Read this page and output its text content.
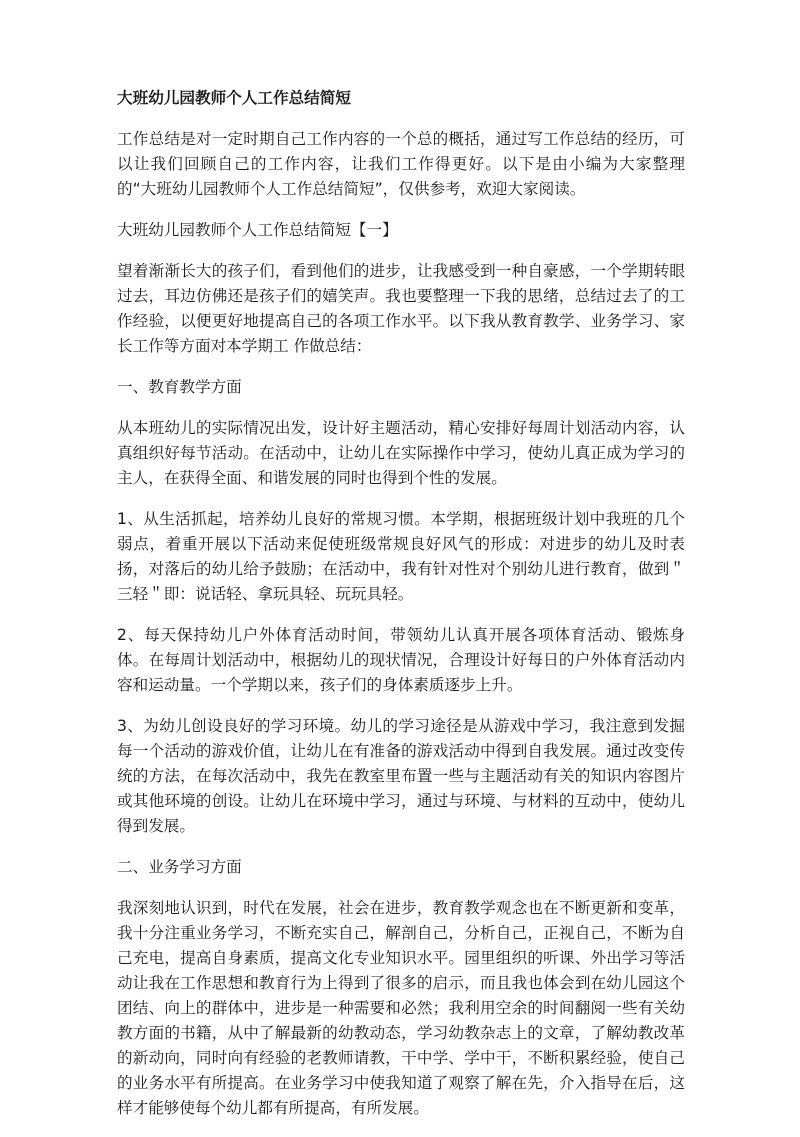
大班幼儿园教师个人工作总结简短

工作总结是对一定时期自己工作内容的一个总的概括，通过写工作总结的经历，可以让我们回顾自己的工作内容，让我们工作得更好。以下是由小编为大家整理的“大班幼儿园教师个人工作总结简短”，仅供参考，欢迎大家阅读。

大班幼儿园教师个人工作总结简短【一】

望着渐渐长大的孩子们，看到他们的进步，让我感受到一种自豪感，一个学期转眼过去，耳边仿佛还是孩子们的嬉笑声。我也要整理一下我的思绪，总结过去了的工作经验，以便更好地提高自己的各项工作水平。以下我从教育教学、业务学习、家长工作等方面对本学期工 作做总结：

一、教育教学方面

从本班幼儿的实际情况出发，设计好主题活动，精心安排好每周计划活动内容，认真组织好每节活动。在活动中，让幼儿在实际操作中学习，使幼儿真正成为学习的主人，在获得全面、和谐发展的同时也得到个性的发展。

1、从生活抓起，培养幼儿良好的常规习惯。本学期，根据班级计划中我班的几个弱点，着重开展以下活动来促使班级常规良好风气的形成：对进步的幼儿及时表扬，对落后的幼儿给予鼓励；在活动中，我有针对性对个别幼儿进行教育，做到＂三轻＂即：说话轻、拿玩具轻、玩玩具轻。

2、每天保持幼儿户外体育活动时间，带领幼儿认真开展各项体育活动、锻炼身体。在每周计划活动中，根据幼儿的现状情况，合理设计好每日的户外体育活动内容和运动量。一个学期以来，孩子们的身体素质逐步上升。

3、为幼儿创设良好的学习环境。幼儿的学习途径是从游戏中学习，我注意到发掘每一个活动的游戏价值，让幼儿在有准备的游戏活动中得到自我发展。通过改变传统的方法，在每次活动中，我先在教室里布置一些与主题活动有关的知识内容图片或其他环境的创设。让幼儿在环境中学习，通过与环境、与材料的互动中，使幼儿得到发展。

二、业务学习方面

我深刻地认识到，时代在发展，社会在进步，教育教学观念也在不断更新和变革，我十分注重业务学习，不断充实自己，解剖自己，分析自己，正视自己，不断为自己充电，提高自身素质，提高文化专业知识水平。园里组织的听课、外出学习等活动让我在工作思想和教育行为上得到了很多的启示，而且我也体会到在幼儿园这个团结、向上的群体中，进步是一种需要和必然；我利用空余的时间翻阅一些有关幼教方面的书籍，从中了解最新的幼教动态，学习幼教杂志上的文章，了解幼教改革的新动向，同时向有经验的老教师请教，干中学、学中干，不断积累经验，使自己的业务水平有所提高。在业务学习中使我知道了观察了解在先，介入指导在后，这样才能够使每个幼儿都有所提高，有所发展。
